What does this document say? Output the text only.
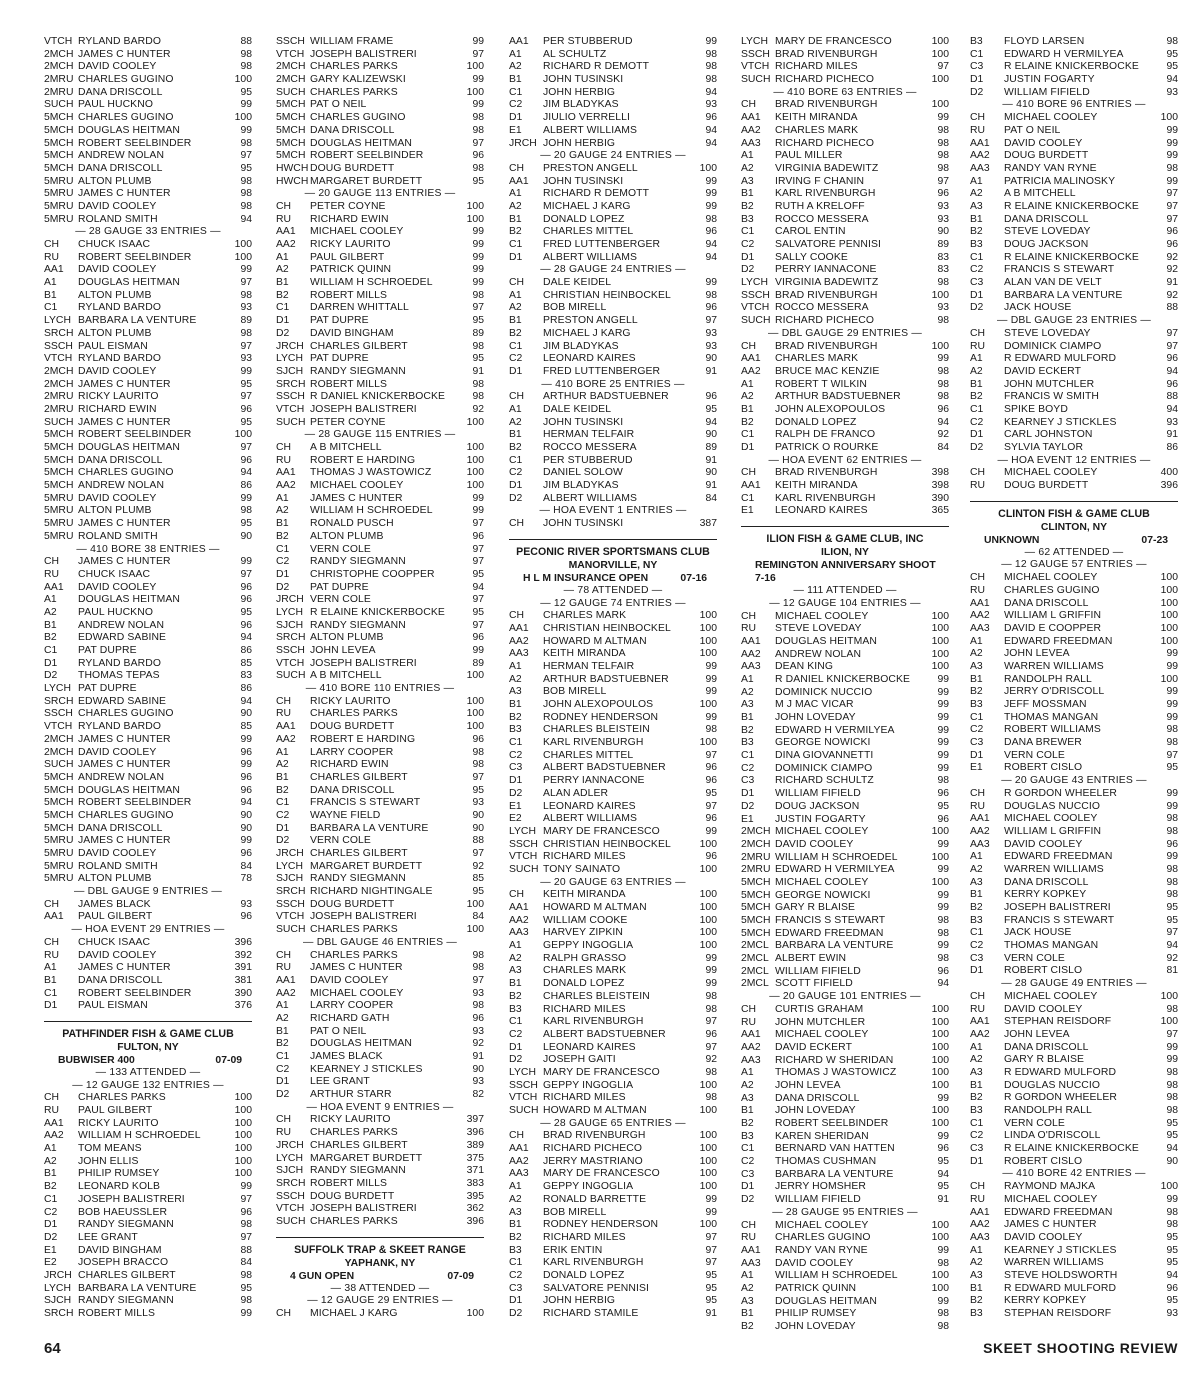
VTCH RYLAND BARDO	88
2MCH JAMES C HUNTER	98
2MCH DAVID COOLEY	98
2MRU CHARLES GUGINO	100
2MRU DANA DRISCOLL	95
SUCH PAUL HUCKNO	99
5MCH CHARLES GUGINO	100
5MCH DOUGLAS HEITMAN	99
5MCH ROBERT SEELBINDER	98
5MCH ANDREW NOLAN	97
5MCH DANA DRISCOLL	95
5MRU ALTON PLUMB	98
5MRU JAMES C HUNTER	98
5MRU DAVID COOLEY	98
5MRU ROLAND SMITH	94
— 28 GAUGE 33 ENTRIES —
CH	CHUCK ISAAC	100
RU	ROBERT SEELBINDER	100
AA1	DAVID COOLEY	99
A1	DOUGLAS HEITMAN	97
B1	ALTON PLUMB	98
C1	RYLAND BARDO	93
LYCH BARBARA LA VENTURE	89
SRCH ALTON PLUMB	98
SSCH PAUL EISMAN	97
VTCH RYLAND BARDO	93
2MCH DAVID COOLEY	99
2MCH JAMES C HUNTER	95
2MRU RICKY LAURITO	97
2MRU RICHARD EWIN	96
SUCH JAMES C HUNTER	95
5MCH ROBERT SEELBINDER	100
5MCH DOUGLAS HEITMAN	97
5MCH DANA DRISCOLL	96
5MCH CHARLES GUGINO	94
5MCH ANDREW NOLAN	86
5MRU DAVID COOLEY	99
5MRU ALTON PLUMB	98
5MRU JAMES C HUNTER	95
5MRU ROLAND SMITH	90
— 410 BORE 38 ENTRIES —
CH	JAMES C HUNTER	99
RU	CHUCK ISAAC	97
AA1	DAVID COOLEY	96
A1	DOUGLAS HEITMAN	96
A2	PAUL HUCKNO	95
B1	ANDREW NOLAN	96
B2	EDWARD SABINE	94
C1	PAT DUPRE	86
D1	RYLAND BARDO	85
D2	THOMAS TEPAS	83
LYCH PAT DUPRE	86
SRCH EDWARD SABINE	94
SSCH CHARLES GUGINO	90
VTCH RYLAND BARDO	85
2MCH JAMES C HUNTER	99
2MCH DAVID COOLEY	96
SUCH JAMES C HUNTER	99
5MCH ANDREW NOLAN	96
5MCH DOUGLAS HEITMAN	96
5MCH ROBERT SEELBINDER	94
5MCH CHARLES GUGINO	90
5MCH DANA DRISCOLL	90
5MRU JAMES C HUNTER	99
5MRU DAVID COOLEY	96
5MRU ROLAND SMITH	84
5MRU ALTON PLUMB	78
— DBL GAUGE 9 ENTRIES —
CH	JAMES BLACK	93
AA1	PAUL GILBERT	96
— HOA EVENT 29 ENTRIES —
CH	CHUCK ISAAC	396
RU	DAVID COOLEY	392
A1	JAMES C HUNTER	391
B1	DANA DRISCOLL	381
C1	ROBERT SEELBINDER	390
D1	PAUL EISMAN	376
PATHFINDER FISH & GAME CLUB
FULTON, NY
BUBWISER 400	07-09
— 133 ATTENDED —
— 12 GAUGE 132 ENTRIES —
CH	CHARLES PARKS	100
RU	PAUL GILBERT	100
AA1	RICKY LAURITO	100
AA2	WILLIAM H SCHROEDEL	100
A1	TOM MEANS	100
A2	JOHN ELLIS	100
B1	PHILIP RUMSEY	100
B2	LEONARD KOLB	99
C1	JOSEPH BALISTRERI	97
C2	BOB HAEUSSLER	96
D1	RANDY SIEGMANN	98
D2	LEE GRANT	97
E1	DAVID BINGHAM	88
E2	JOSEPH BRACCO	84
JRCH CHARLES GILBERT	98
LYCH BARBARA LA VENTURE	95
SJCH RANDY SIEGMANN	98
SRCH ROBERT MILLS	99
SSCH WILLIAM FRAME	99
VTCH JOSEPH BALISTRERI	97
2MCH CHARLES PARKS	100
2MCH GARY KALIZEWSKI	99
SUCH CHARLES PARKS	100
5MCH PAT O NEIL	99
5MCH CHARLES GUGINO	98
5MCH DANA DRISCOLL	98
5MCH DOUGLAS HEITMAN	97
5MCH ROBERT SEELBINDER	96
HWCH DOUG BURDETT	98
HWCH MARGARET BURDETT	95
— 20 GAUGE 113 ENTRIES —
CH	PETER COYNE	100
RU	RICHARD EWIN	100
AA1	MICHAEL COOLEY	99
AA2	RICKY LAURITO	99
A1	PAUL GILBERT	99
A2	PATRICK QUINN	99
B1	WILLIAM H SCHROEDEL	99
B2	ROBERT MILLS	98
C1	DARREN WHITTALL	97
D1	PAT DUPRE	95
D2	DAVID BINGHAM	89
JRCH CHARLES GILBERT	98
LYCH PAT DUPRE	95
SJCH RANDY SIEGMANN	91
SRCH ROBERT MILLS	98
SSCH R DANIEL KNICKERBOCKE	98
VTCH JOSEPH BALISTRERI	92
SUCH PETER COYNE	100
— 28 GAUGE 115 ENTRIES —
CH	A B MITCHELL	100
RU	ROBERT E HARDING	100
AA1	THOMAS J WASTOWICZ	100
AA2	MICHAEL COOLEY	100
A1	JAMES C HUNTER	99
A2	WILLIAM H SCHROEDEL	99
B1	RONALD PUSCH	97
B2	ALTON PLUMB	96
C1	VERN COLE	97
C2	RANDY SIEGMANN	97
D1	CHRISTOPHE COOPPER	95
D2	PAT DUPRE	94
JRCH VERN COLE	97
LYCH R ELAINE KNICKERBOCKE	95
SJCH RANDY SIEGMANN	97
SRCH ALTON PLUMB	96
SSCH JOHN LEVEA	99
VTCH JOSEPH BALISTRERI	89
SUCH A B MITCHELL	100
— 410 BORE 110 ENTRIES —
CH	RICKY LAURITO	100
RU	CHARLES PARKS	100
AA1	DOUG BURDETT	100
AA2	ROBERT E HARDING	96
A1	LARRY COOPER	98
A2	RICHARD EWIN	98
B1	CHARLES GILBERT	97
B2	DANA DRISCOLL	95
C1	FRANCIS S STEWART	93
C2	WAYNE FIELD	90
D1	BARBARA LA VENTURE	90
D2	VERN COLE	88
JRCH CHARLES GILBERT	97
LYCH MARGARET BURDETT	92
SJCH RANDY SIEGMANN	85
SRCH RICHARD NIGHTINGALE	95
SSCH DOUG BURDETT	100
VTCH JOSEPH BALISTRERI	84
SUCH CHARLES PARKS	100
— DBL GAUGE 46 ENTRIES —
CH	CHARLES PARKS	98
RU	JAMES C HUNTER	98
AA1	DAVID COOLEY	97
AA2	MICHAEL COOLEY	93
A1	LARRY COOPER	98
A2	RICHARD GATH	96
B1	PAT O NEIL	93
B2	DOUGLAS HEITMAN	92
C1	JAMES BLACK	91
C2	KEARNEY J STICKLES	90
D1	LEE GRANT	93
D2	ARTHUR STARR	82
— HOA EVENT 9 ENTRIES —
CH	RICKY LAURITO	397
RU	CHARLES PARKS	396
JRCH CHARLES GILBERT	389
LYCH MARGARET BURDETT	375
SJCH RANDY SIEGMANN	371
SRCH ROBERT MILLS	383
SSCH DOUG BURDETT	395
VTCH JOSEPH BALISTRERI	362
SUCH CHARLES PARKS	396
SUFFOLK TRAP & SKEET RANGE
YAPHANK, NY
4 GUN OPEN	07-09
— 38 ATTENDED —
— 12 GAUGE 29 ENTRIES —
CH	MICHAEL J KARG	100
AA1	PER STUBBERUD	99
A1	AL SCHULTZ	98
A2	RICHARD R DEMOTT	98
B1	JOHN TUSINSKI	98
C1	JOHN HERBIG	94
C2	JIM BLADYKAS	93
D1	JIULIO VERRELLI	96
E1	ALBERT WILLIAMS	94
JRCH JOHN HERBIG	94
— 20 GAUGE 24 ENTRIES —
CH	PRESTON ANGELL	100
AA1	JOHN TUSINSKI	99
A1	RICHARD R DEMOTT	99
A2	MICHAEL J KARG	99
B1	DONALD LOPEZ	98
B2	CHARLES MITTEL	96
C1	FRED LUTTENBERGER	94
D1	ALBERT WILLIAMS	94
— 28 GAUGE 24 ENTRIES —
CH	DALE KEIDEL	99
A1	CHRISTIAN HEINBOCKEL	98
A2	BOB MIRELL	96
B1	PRESTON ANGELL	97
B2	MICHAEL J KARG	93
C1	JIM BLADYKAS	93
C2	LEONARD KAIRES	90
D1	FRED LUTTENBERGER	91
— 410 BORE 25 ENTRIES —
CH	ARTHUR BADSTUEBNER	96
A1	DALE KEIDEL	95
A2	JOHN TUSINSKI	94
B1	HERMAN TELFAIR	90
B2	ROCCO MESSERA	89
C1	PER STUBBERUD	91
C2	DANIEL SOLOW	90
D1	JIM BLADYKAS	91
D2	ALBERT WILLIAMS	84
— HOA EVENT 1 ENTRIES —
CH	JOHN TUSINSKI	387
PECONIC RIVER SPORTSMANS CLUB
MANORVILLE, NY
H L M INSURANCE OPEN	07-16
— 78 ATTENDED —
— 12 GAUGE 74 ENTRIES —
CH	CHARLES MARK	100
AA1	CHRISTIAN HEINBOCKEL	100
AA2	HOWARD M ALTMAN	100
AA3	KEITH MIRANDA	100
A1	HERMAN TELFAIR	99
A2	ARTHUR BADSTUEBNER	99
A3	BOB MIRELL	99
B1	JOHN ALEXOPOULOS	100
B2	RODNEY HENDERSON	99
B3	CHARLES BLEISTEIN	98
C1	KARL RIVENBURGH	100
C2	CHARLES MITTEL	97
C3	ALBERT BADSTUEBNER	96
D1	PERRY IANNACONE	96
D2	ALAN ADLER	95
E1	LEONARD KAIRES	97
E2	ALBERT WILLIAMS	96
LYCH MARY DE FRANCESCO	99
SSCH CHRISTIAN HEINBOCKEL	100
VTCH RICHARD MILES	96
SUCH TONY SAINATO	100
— 20 GAUGE 63 ENTRIES —
CH	KEITH MIRANDA	100
AA1	HOWARD M ALTMAN	100
AA2	WILLIAM COOKE	100
AA3	HARVEY ZIPKIN	100
A1	GEPPY INGOGLIA	100
A2	RALPH GRASSO	99
A3	CHARLES MARK	99
B1	DONALD LOPEZ	99
B2	CHARLES BLEISTEIN	98
B3	RICHARD MILES	98
C1	KARL RIVENBURGH	97
C2	ALBERT BADSTUEBNER	96
D1	LEONARD KAIRES	97
D2	JOSEPH GAITI	92
LYCH MARY DE FRANCESCO	98
SSCH GEPPY INGOGLIA	100
VTCH RICHARD MILES	98
SUCH HOWARD M ALTMAN	100
— 28 GAUGE 65 ENTRIES —
CH	BRAD RIVENBURGH	100
AA1	RICHARD PICHECO	100
AA2	JERRY MASTRIANO	100
AA3	MARY DE FRANCESCO	100
A1	GEPPY INGOGLIA	100
A2	RONALD BARRETTE	99
A3	BOB MIRELL	99
B1	RODNEY HENDERSON	100
B2	RICHARD MILES	97
B3	ERIK ENTIN	97
C1	KARL RIVENBURGH	97
C2	DONALD LOPEZ	95
C3	SALVATORE PENNISI	95
D1	JOHN HERBIG	95
D2	RICHARD STAMILE	91
LYCH MARY DE FRANCESCO	100
SSCH BRAD RIVENBURGH	100
VTCH RICHARD MILES	97
SUCH RICHARD PICHECO	100
— 410 BORE 63 ENTRIES —
CH	BRAD RIVENBURGH	100
AA1	KEITH MIRANDA	99
AA2	CHARLES MARK	98
AA3	RICHARD PICHECO	98
A1	PAUL MILLER	98
A2	VIRGINIA BADEWITZ	98
A3	IRVING F CHANIN	97
B1	KARL RIVENBURGH	96
B2	RUTH A KRELOFF	93
B3	ROCCO MESSERA	93
C1	CAROL ENTIN	90
C2	SALVATORE PENNISI	89
D1	SALLY COOKE	83
D2	PERRY IANNACONE	83
LYCH VIRGINIA BADEWITZ	98
SSCH BRAD RIVENBURGH	100
VTCH ROCCO MESSERA	93
SUCH RICHARD PICHECO	98
— DBL GAUGE 29 ENTRIES —
CH	BRAD RIVENBURGH	100
AA1	CHARLES MARK	99
AA2	BRUCE MAC KENZIE	98
A1	ROBERT T WILKIN	98
A2	ARTHUR BADSTUEBNER	98
B1	JOHN ALEXOPOULOS	96
B2	DONALD LOPEZ	94
C1	RALPH DE FRANCO	92
D1	PATRICK O ROURKE	84
— HOA EVENT 62 ENTRIES —
CH	BRAD RIVENBURGH	398
AA1	KEITH MIRANDA	398
C1	KARL RIVENBURGH	390
E1	LEONARD KAIRES	365
ILION FISH & GAME CLUB, INC
ILION, NY
REMINGTON ANNIVERSARY SHOOT 7-16
— 111 ATTENDED —
— 12 GAUGE 104 ENTRIES —
CH	MICHAEL COOLEY	100
RU	STEVE LOVEDAY	100
AA1	DOUGLAS HEITMAN	100
AA2	ANDREW NOLAN	100
AA3	DEAN KING	100
A1	R DANIEL KNICKERBOCKE	99
A2	DOMINICK NUCCIO	99
A3	M J MAC VICAR	99
B1	JOHN LOVEDAY	99
B2	EDWARD H VERMILYEA	99
B3	GEORGE NOWICKI	99
C1	DINA GIOVANNETTI	99
C2	DOMINICK CIAMPO	99
C3	RICHARD SCHULTZ	98
D1	WILLIAM FIFIELD	96
D2	DOUG JACKSON	95
E1	JUSTIN FOGARTY	96
2MCH MICHAEL COOLEY	100
2MCH DAVID COOLEY	99
2MRU WILLIAM H SCHROEDEL	100
2MRU EDWARD H VERMILYEA	99
5MCH MICHAEL COOLEY	100
5MCH GEORGE NOWICKI	99
5MCH GARY R BLAISE	99
5MCH FRANCIS S STEWART	98
5MCH EDWARD FREEDMAN	98
2MCL BARBARA LA VENTURE	99
2MCL ALBERT EWIN	98
2MCL WILLIAM FIFIELD	96
2MCL SCOTT FIFIELD	94
— 20 GAUGE 101 ENTRIES —
CH	CURTIS GRAHAM	100
RU	JOHN MUTCHLER	100
AA1	MICHAEL COOLEY	100
AA2	DAVID ECKERT	100
AA3	RICHARD W SHERIDAN	100
A1	THOMAS J WASTOWICZ	100
A2	JOHN LEVEA	100
A3	DANA DRISCOLL	99
B1	JOHN LOVEDAY	100
B2	ROBERT SEELBINDER	100
B3	KAREN SHERIDAN	99
C1	BERNARD VAN HATTEN	96
C2	THOMAS CUSHMAN	95
C3	BARBARA LA VENTURE	94
D1	JERRY HOMSHER	95
D2	WILLIAM FIFIELD	91
— 28 GAUGE 95 ENTRIES —
CH	MICHAEL COOLEY	100
RU	CHARLES GUGINO	100
AA1	RANDY VAN RYNE	99
AA3	DAVID COOLEY	98
A1	WILLIAM H SCHROEDEL	100
A2	PATRICK QUINN	100
A3	DOUGLAS HEITMAN	99
B1	PHILIP RUMSEY	98
B2	JOHN LOVEDAY	98
B3	FLOYD LARSEN	98
C1	EDWARD H VERMILYEA	95
C3	R ELAINE KNICKERBOCKE	95
D1	JUSTIN FOGARTY	94
D2	WILLIAM FIFIELD	93
— 410 BORE 96 ENTRIES —
CH	MICHAEL COOLEY	100
RU	PAT O NEIL	99
AA1	DAVID COOLEY	99
AA2	DOUG BURDETT	99
AA3	RANDY VAN RYNE	98
A1	PATRICIA MALINOSKY	99
A2	A B MITCHELL	97
A3	R ELAINE KNICKERBOCKE	97
B1	DANA DRISCOLL	97
B2	STEVE LOVEDAY	96
B3	DOUG JACKSON	96
C1	R ELAINE KNICKERBOCKE	92
C2	FRANCIS S STEWART	92
C3	ALAN VAN DE VELT	91
D1	BARBARA LA VENTURE	92
D2	JACK HOUSE	88
— DBL GAUGE 23 ENTRIES —
CH	STEVE LOVEDAY	97
RU	DOMINICK CIAMPO	97
A1	R EDWARD MULFORD	96
A2	DAVID ECKERT	94
B1	JOHN MUTCHLER	96
B2	FRANCIS W SMITH	88
C1	SPIKE BOYD	94
C2	KEARNEY J STICKLES	93
D1	CARL JOHNSTON	91
D2	SYLVIA TAYLOR	86
— HOA EVENT 12 ENTRIES —
CH	MICHAEL COOLEY	400
RU	DOUG BURDETT	396
CLINTON FISH & GAME CLUB
CLINTON, NY
UNKNOWN	07-23
— 62 ATTENDED —
— 12 GAUGE 57 ENTRIES —
CH	MICHAEL COOLEY	100
RU	CHARLES GUGINO	100
AA1	DANA DRISCOLL	100
AA2	WILLIAM L GRIFFIN	100
AA3	DAVID E COOPPER	100
A1	EDWARD FREEDMAN	100
A2	JOHN LEVEA	99
A3	WARREN WILLIAMS	99
B1	RANDOLPH RALL	100
B2	JERRY O'DRISCOLL	99
B3	JEFF MOSSMAN	99
C1	THOMAS MANGAN	99
C2	ROBERT WILLIAMS	98
C3	DANA BREWER	98
D1	VERN COLE	97
E1	ROBERT CISLO	95
— 20 GAUGE 43 ENTRIES —
CH	R GORDON WHEELER	99
RU	DOUGLAS NUCCIO	99
AA1	MICHAEL COOLEY	98
AA2	WILLIAM L GRIFFIN	98
AA3	DAVID COOLEY	96
A1	EDWARD FREEDMAN	99
A2	WARREN WILLIAMS	98
A3	DANA DRISCOLL	98
B1	KERRY KOPKEY	98
B2	JOSEPH BALISTRERI	95
B3	FRANCIS S STEWART	95
C1	JACK HOUSE	97
C2	THOMAS MANGAN	94
C3	VERN COLE	92
D1	ROBERT CISLO	81
— 28 GAUGE 49 ENTRIES —
CH	MICHAEL COOLEY	100
RU	DAVID COOLEY	98
AA1	STEPHAN REISDORF	100
AA2	JOHN LEVEA	97
A1	DANA DRISCOLL	99
A2	GARY R BLAISE	99
A3	R EDWARD MULFORD	98
B1	DOUGLAS NUCCIO	98
B2	R GORDON WHEELER	98
B3	RANDOLPH RALL	98
C1	VERN COLE	95
C2	LINDA O'DRISCOLL	95
C3	R ELAINE KNICKERBOCKE	94
D1	ROBERT CISLO	90
— 410 BORE 42 ENTRIES —
CH	RAYMOND MAJKA	100
RU	MICHAEL COOLEY	99
AA1	EDWARD FREEDMAN	98
AA2	JAMES C HUNTER	98
AA3	DAVID COOLEY	95
A1	KEARNEY J STICKLES	95
A2	WARREN WILLIAMS	95
A3	STEVE HOLDSWORTH	94
B1	R EDWARD MULFORD	96
B2	KERRY KOPKEY	95
B3	STEPHAN REISDORF	93
64	SKEET SHOOTING REVIEW
